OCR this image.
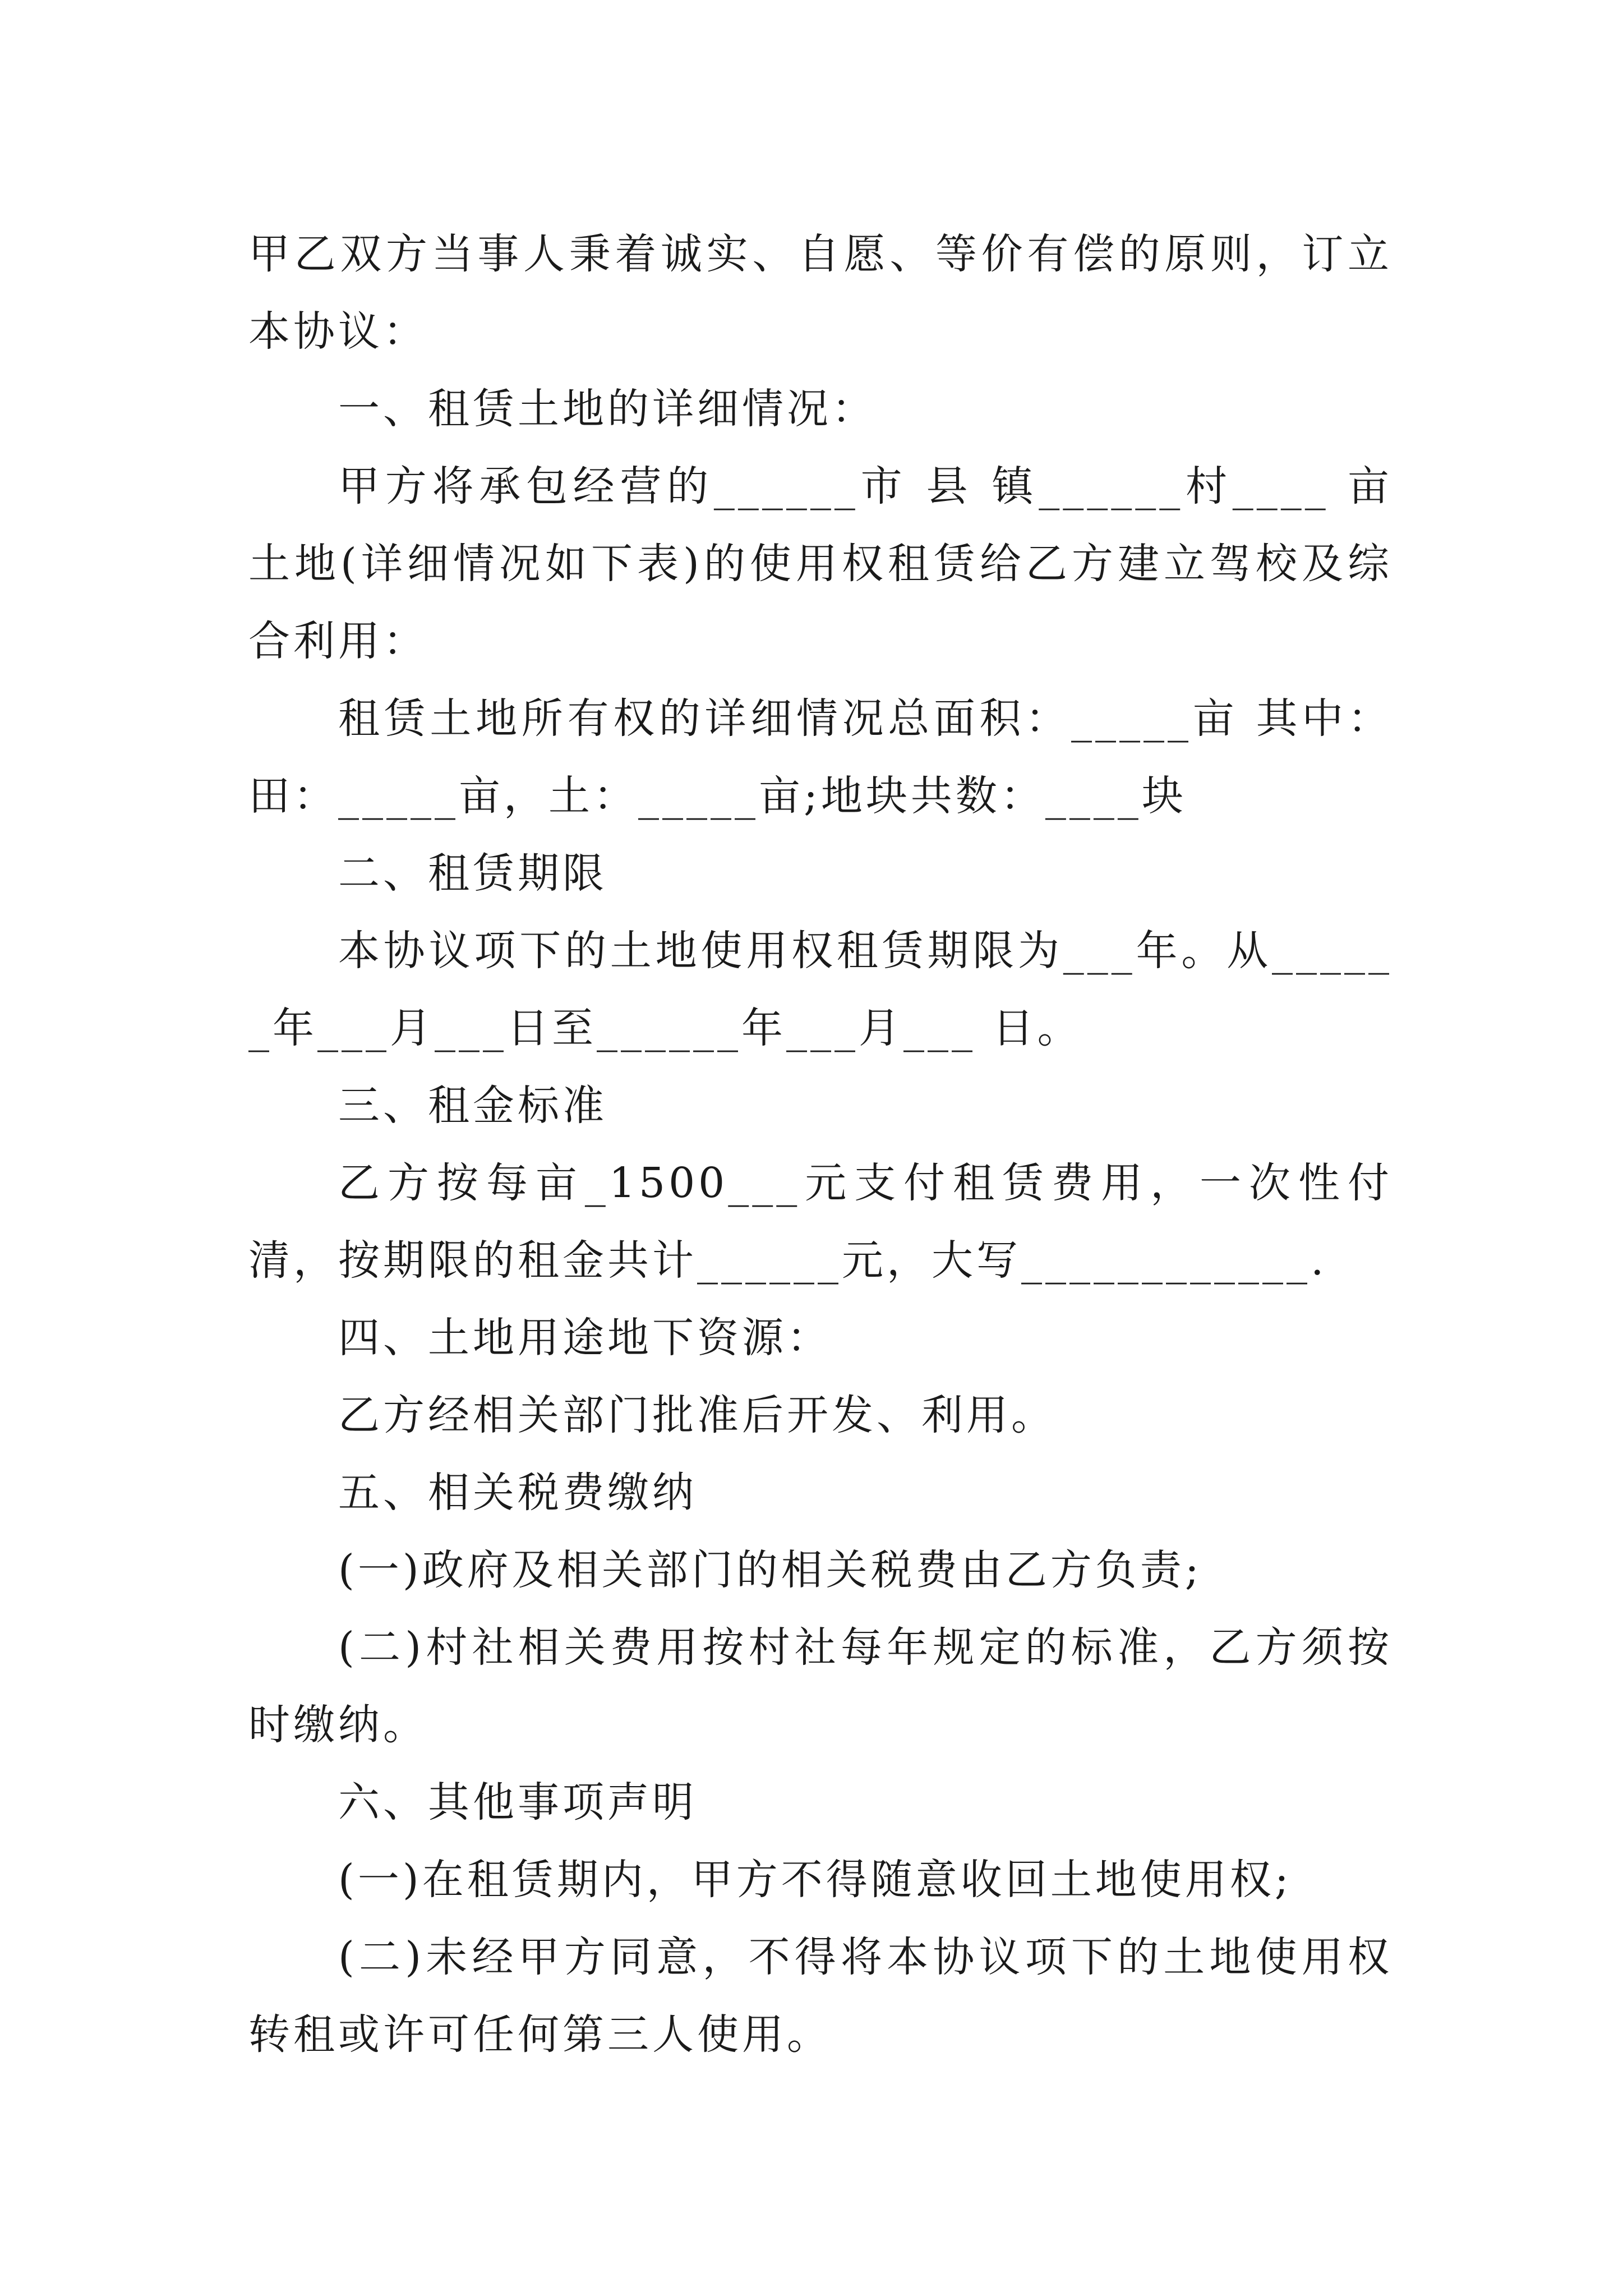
甲乙双方当事人秉着诚实、自愿、等价有偿的原则，订立本协议：

一、租赁土地的详细情况：

甲方将承包经营的______市 县 镇______村____ 亩土地(详细情况如下表)的使用权租赁给乙方建立驾校及综合利用：

租赁土地所有权的详细情况总面积：_____亩 其中：田：_____亩，土：_____亩;地块共数：____块

二、租赁期限

本协议项下的土地使用权租赁期限为___年。从______年___月___日至______年___月___ 日。

三、租金标准

乙方按每亩_1500___元支付租赁费用，一次性付清，按期限的租金共计______元，大写____________.

四、土地用途地下资源：

乙方经相关部门批准后开发、利用。

五、相关税费缴纳

(一)政府及相关部门的相关税费由乙方负责;

(二)村社相关费用按村社每年规定的标准，乙方须按时缴纳。

六、其他事项声明

(一)在租赁期内，甲方不得随意收回土地使用权;

(二)未经甲方同意，不得将本协议项下的土地使用权转租或许可任何第三人使用。
